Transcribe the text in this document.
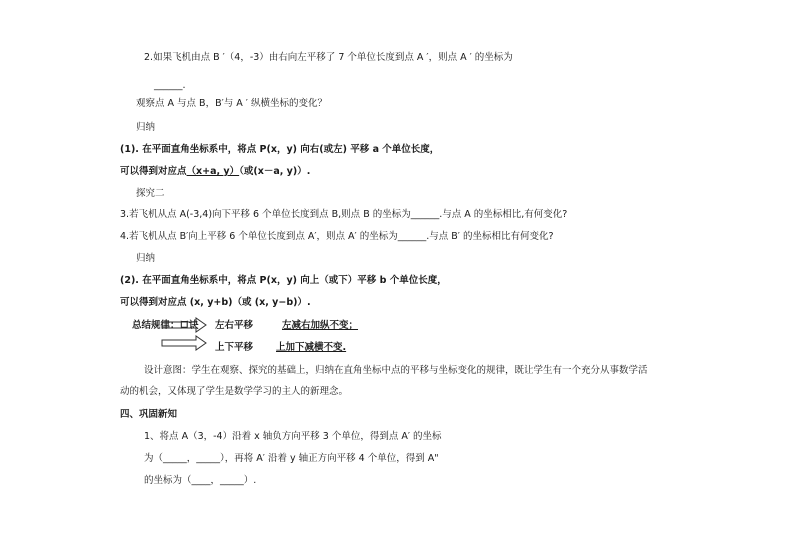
2.如果飞机由点 B ′（4，-3）由右向左平移了 7 个单位长度到点 A ′，则点 A ′ 的坐标为
______.
观察点 A 与点 B，B′与 A ′ 纵横坐标的变化？
归纳
(1). 在平面直角坐标系中，将点 P(x，y) 向右(或左) 平移 a 个单位长度，
可以得到对应点（x+a, y）（或(x－a, y)）.
探究二
3.若飞机从点 A(-3,4)向下平移 6 个单位长度到点 B,则点 B 的坐标为______.与点 A 的坐标相比,有何变化?
4.若飞机从点 B′向上平移 6 个单位长度到点 A′，则点 A′ 的坐标为______.与点 B′ 的坐标相比有何变化?
归纳
(2). 在平面直角坐标系中，将点 P(x，y) 向上（或下）平移 b 个单位长度，
可以得到对应点 (x, y+b)（或 (x, y−b)）.
总结规律：口诀 左右平移	左减右加纵不变；
上下平移 上加下减横不变.
设计意图：学生在观察、探究的基础上，归纳在直角坐标中点的平移与坐标变化的规律，既让学生有一个充分从事数学活
动的机会，又体现了学生是数学学习的主人的新理念。
四、巩固新知
1、将点 A（3，-4）沿着 x 轴负方向平移 3 个单位，得到点 A′ 的坐标
为（_____，_____），再将 A′ 沿着 y 轴正方向平移 4 个单位，得到 A"
的坐标为（____，_____）.
